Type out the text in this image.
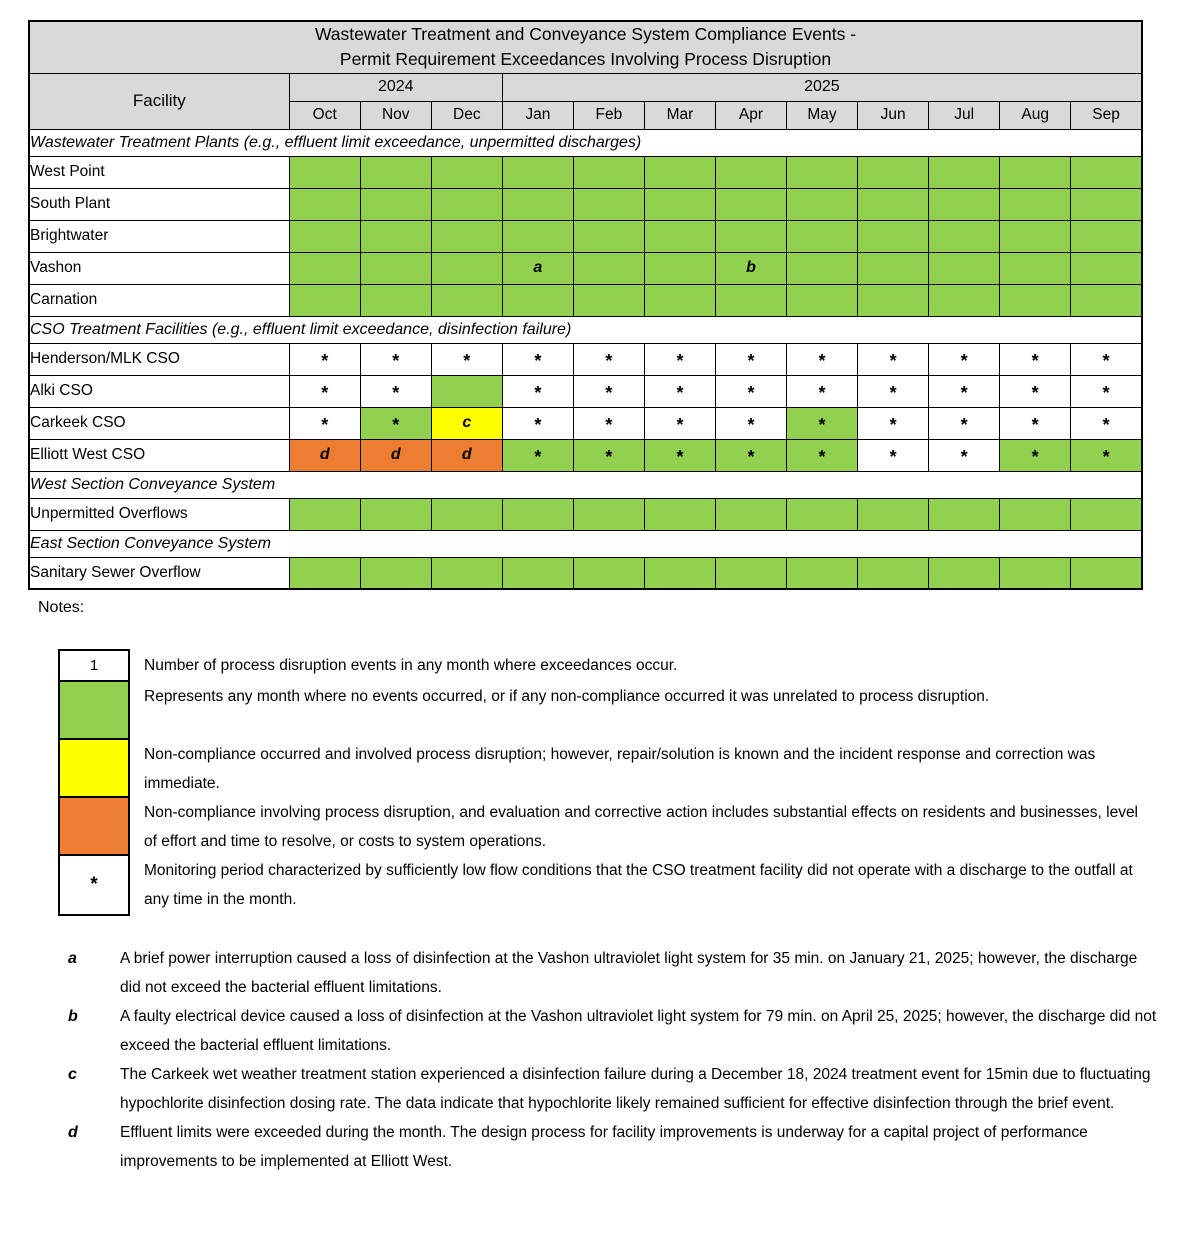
Wastewater Treatment and Conveyance System Compliance Events -
Permit Requirement Exceedances Involving Process Disruption												

Facility	2024			2025								
	Oct	Nov	Dec	Jan	Feb	Mar	Apr	May	Jun	Jul	Aug	Sep
Wastewater Treatment Plants (e.g., effluent limit exceedance, unpermitted discharges)												
West Point												
South Plant												
Brightwater												
Vashon				a			b					
Carnation												
CSO Treatment Facilities (e.g., effluent limit exceedance, disinfection failure)												
Henderson/MLK CSO	*	*	*	*	*	*	*	*	*	*	*	*
Alki CSO	*	*		*	*	*	*	*	*	*	*	*
Carkeek CSO	*	*	c	*	*	*	*	*	*	*	*	*
Elliott West CSO	d	d	d	*	*	*	*	*	*	*	*	*
West Section Conveyance System												
Unpermitted Overflows												
East Section Conveyance System												
Sanitary Sewer Overflow												
Notes:
1
*
Number of process disruption events in any month where exceedances occur.
Represents any month where no events occurred, or if any non-compliance occurred it was unrelated to process disruption.
Non-compliance occurred and involved process disruption; however, repair/solution is known and the incident response and correction was immediate.
Non-compliance involving process disruption, and evaluation and corrective action includes substantial effects on residents and businesses, level of effort and time to resolve, or costs to system operations.
Monitoring period characterized by sufficiently low flow conditions that the CSO treatment facility did not operate with a discharge to the outfall at any time in the month.
a	A brief power interruption caused a loss of disinfection at the Vashon ultraviolet light system for 35 min. on January 21, 2025; however, the discharge did not exceed the bacterial effluent limitations.
b	A faulty electrical device caused a loss of disinfection at the Vashon ultraviolet light system for 79 min. on April 25, 2025; however, the discharge did not exceed the bacterial effluent limitations.
c	The Carkeek wet weather treatment station experienced a disinfection failure during a December 18, 2024 treatment event for 15min due to fluctuating hypochlorite disinfection dosing rate. The data indicate that hypochlorite likely remained sufficient for effective disinfection through the brief event.
d	Effluent limits were exceeded during the month. The design process for facility improvements is underway for a capital project of performance improvements to be implemented at Elliott West.
